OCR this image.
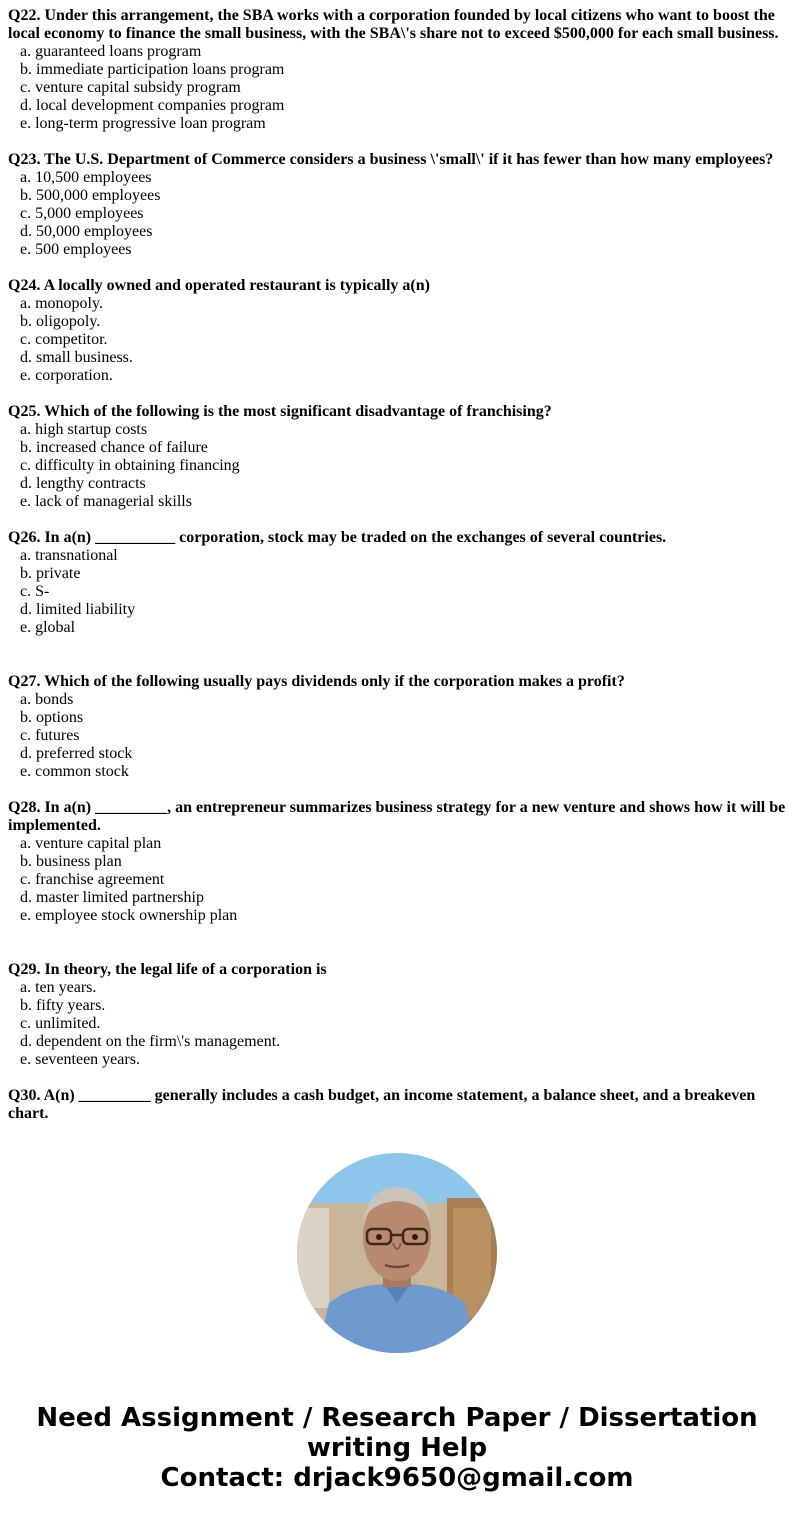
Q22. Under this arrangement, the SBA works with a corporation founded by local citizens who want to boost the local economy to finance the small business, with the SBA\'s share not to exceed $500,000 for each small business.
a. guaranteed loans program
b. immediate participation loans program
c. venture capital subsidy program
d. local development companies program
e. long-term progressive loan program
Q23. The U.S. Department of Commerce considers a business \'small\' if it has fewer than how many employees?
a. 10,500 employees
b. 500,000 employees
c. 5,000 employees
d. 50,000 employees
e. 500 employees
Q24. A locally owned and operated restaurant is typically a(n)
a. monopoly.
b. oligopoly.
c. competitor.
d. small business.
e. corporation.
Q25. Which of the following is the most significant disadvantage of franchising?
a. high startup costs
b. increased chance of failure
c. difficulty in obtaining financing
d. lengthy contracts
e. lack of managerial skills
Q26. In a(n) __________ corporation, stock may be traded on the exchanges of several countries.
a. transnational
b. private
c. S-
d. limited liability
e. global
Q27. Which of the following usually pays dividends only if the corporation makes a profit?
a. bonds
b. options
c. futures
d. preferred stock
e. common stock
Q28. In a(n) _________, an entrepreneur summarizes business strategy for a new venture and shows how it will be implemented.
a. venture capital plan
b. business plan
c. franchise agreement
d. master limited partnership
e. employee stock ownership plan
Q29. In theory, the legal life of a corporation is
a. ten years.
b. fifty years.
c. unlimited.
d. dependent on the firm\'s management.
e. seventeen years.
Q30. A(n) _________ generally includes a cash budget, an income statement, a balance sheet, and a breakeven chart.
Need Assignment / Research Paper / Dissertation
writing Help
Contact: drjack9650@gmail.com
